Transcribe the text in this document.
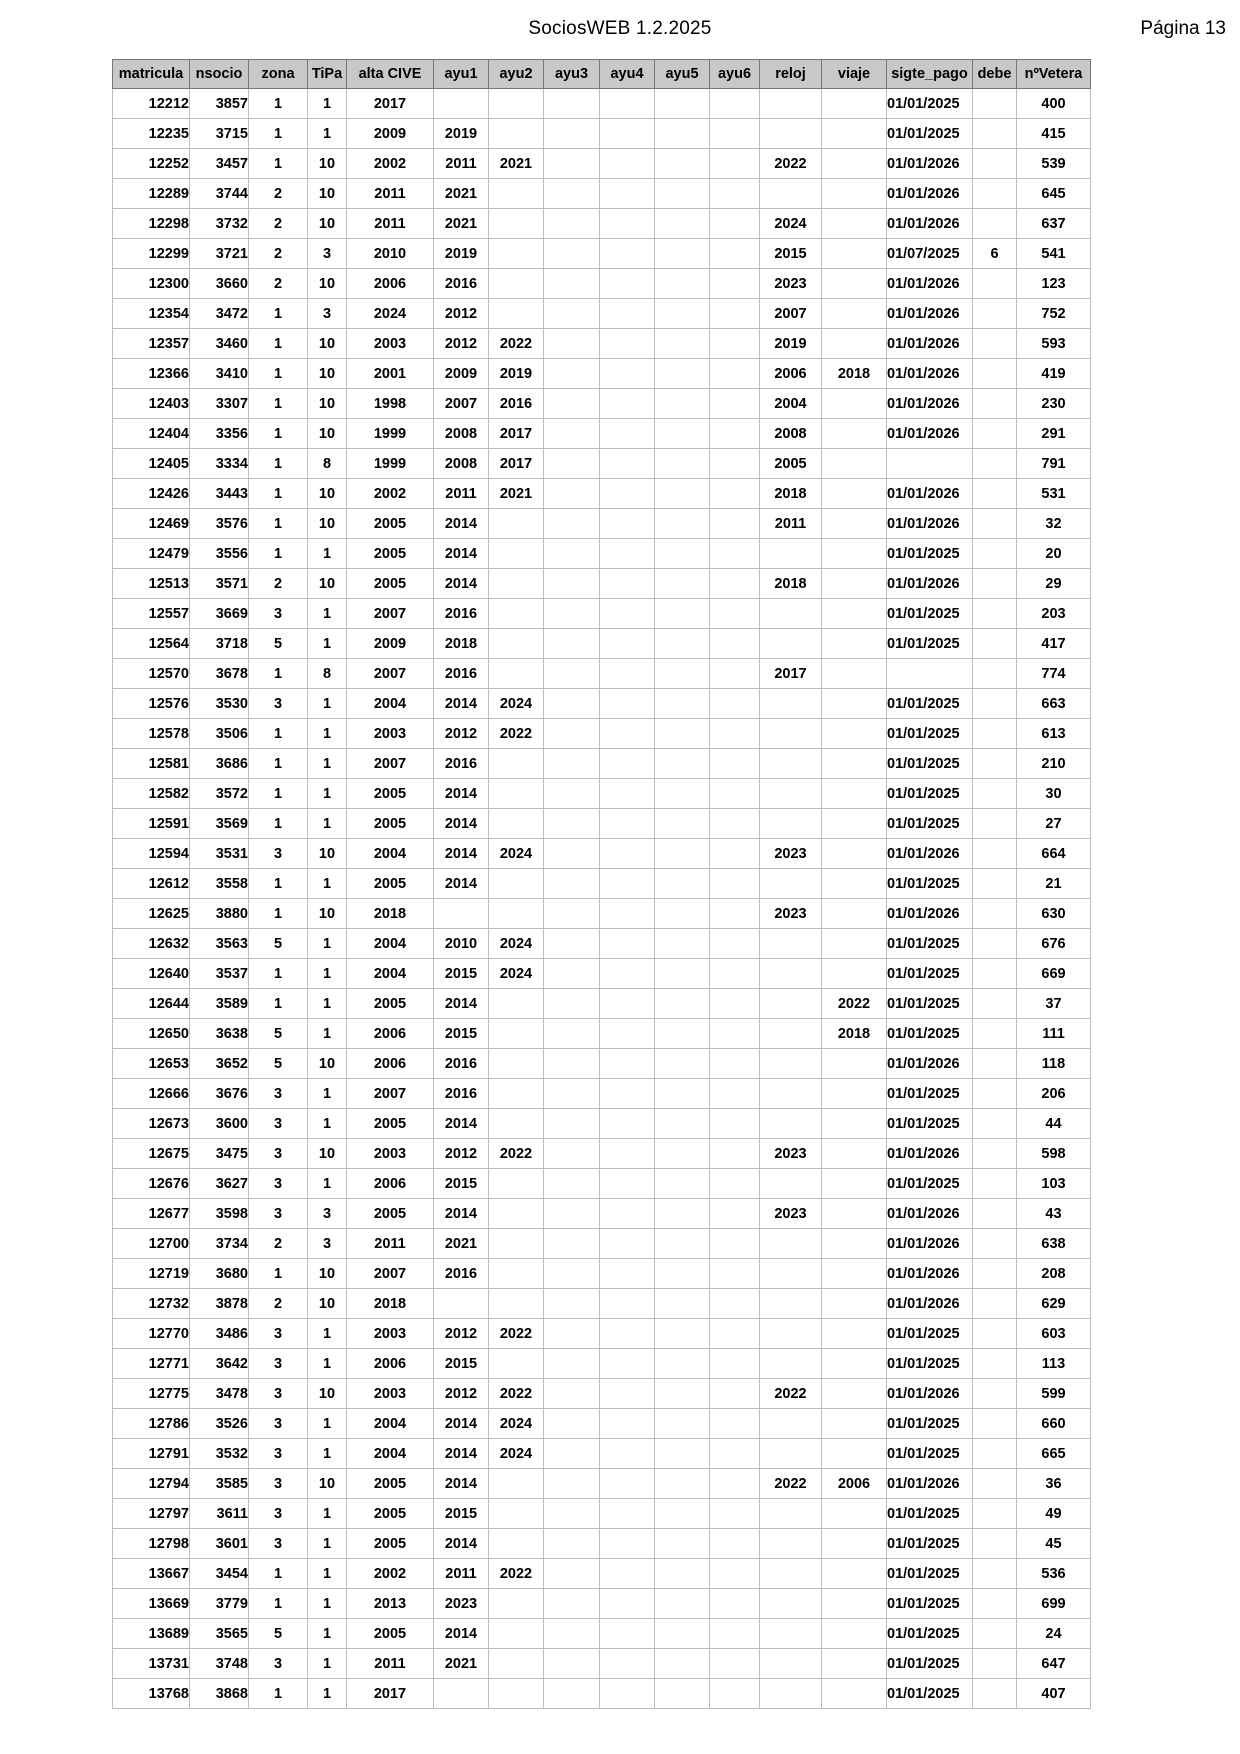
SociosWEB 1.2.2025	Página 13
matricula	nsocio	zona	TiPa	alta CIVE	ayu1	ayu2	ayu3	ayu4	ayu5	ayu6	reloj	viaje	sigte_pago	debe	nºVetera
12212	3857	1	1	2017									01/01/2025		400
12235	3715	1	1	2009	2019								01/01/2025		415
12252	3457	1	10	2002	2011	2021					2022		01/01/2026		539
12289	3744	2	10	2011	2021								01/01/2026		645
12298	3732	2	10	2011	2021						2024		01/01/2026		637
12299	3721	2	3	2010	2019						2015		01/07/2025	6	541
12300	3660	2	10	2006	2016						2023		01/01/2026		123
12354	3472	1	3	2024	2012						2007		01/01/2026		752
12357	3460	1	10	2003	2012	2022					2019		01/01/2026		593
12366	3410	1	10	2001	2009	2019					2006	2018	01/01/2026		419
12403	3307	1	10	1998	2007	2016					2004		01/01/2026		230
12404	3356	1	10	1999	2008	2017					2008		01/01/2026		291
12405	3334	1	8	1999	2008	2017					2005				791
12426	3443	1	10	2002	2011	2021					2018		01/01/2026		531
12469	3576	1	10	2005	2014						2011		01/01/2026		32
12479	3556	1	1	2005	2014								01/01/2025		20
12513	3571	2	10	2005	2014						2018		01/01/2026		29
12557	3669	3	1	2007	2016								01/01/2025		203
12564	3718	5	1	2009	2018								01/01/2025		417
12570	3678	1	8	2007	2016						2017				774
12576	3530	3	1	2004	2014	2024							01/01/2025		663
12578	3506	1	1	2003	2012	2022							01/01/2025		613
12581	3686	1	1	2007	2016								01/01/2025		210
12582	3572	1	1	2005	2014								01/01/2025		30
12591	3569	1	1	2005	2014								01/01/2025		27
12594	3531	3	10	2004	2014	2024					2023		01/01/2026		664
12612	3558	1	1	2005	2014								01/01/2025		21
12625	3880	1	10	2018							2023		01/01/2026		630
12632	3563	5	1	2004	2010	2024							01/01/2025		676
12640	3537	1	1	2004	2015	2024							01/01/2025		669
12644	3589	1	1	2005	2014							2022	01/01/2025		37
12650	3638	5	1	2006	2015							2018	01/01/2025		111
12653	3652	5	10	2006	2016								01/01/2026		118
12666	3676	3	1	2007	2016								01/01/2025		206
12673	3600	3	1	2005	2014								01/01/2025		44
12675	3475	3	10	2003	2012	2022					2023		01/01/2026		598
12676	3627	3	1	2006	2015								01/01/2025		103
12677	3598	3	3	2005	2014						2023		01/01/2026		43
12700	3734	2	3	2011	2021								01/01/2026		638
12719	3680	1	10	2007	2016								01/01/2026		208
12732	3878	2	10	2018									01/01/2026		629
12770	3486	3	1	2003	2012	2022							01/01/2025		603
12771	3642	3	1	2006	2015								01/01/2025		113
12775	3478	3	10	2003	2012	2022					2022		01/01/2026		599
12786	3526	3	1	2004	2014	2024							01/01/2025		660
12791	3532	3	1	2004	2014	2024							01/01/2025		665
12794	3585	3	10	2005	2014						2022	2006	01/01/2026		36
12797	3611	3	1	2005	2015								01/01/2025		49
12798	3601	3	1	2005	2014								01/01/2025		45
13667	3454	1	1	2002	2011	2022							01/01/2025		536
13669	3779	1	1	2013	2023								01/01/2025		699
13689	3565	5	1	2005	2014								01/01/2025		24
13731	3748	3	1	2011	2021								01/01/2025		647
13768	3868	1	1	2017									01/01/2025		407
